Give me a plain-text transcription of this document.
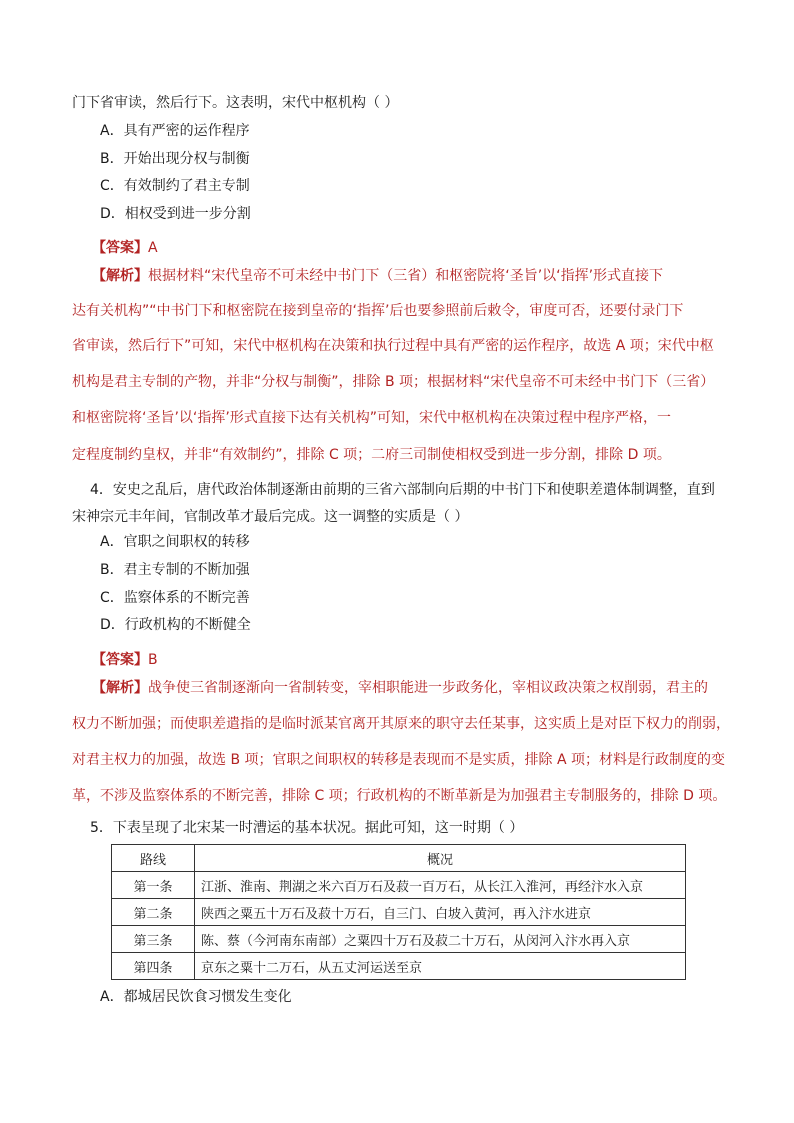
门下省审读，然后行下。这表明，宋代中枢机构（ ）
A．具有严密的运作程序
B．开始出现分权与制衡
C．有效制约了君主专制
D．相权受到进一步分割
【答案】A
【解析】根据材料“宋代皇帝不可未经中书门下（三省）和枢密院将‘圣旨’以‘指挥’形式直接下
达有关机构”“中书门下和枢密院在接到皇帝的‘指挥’后也要参照前后敕令，审度可否，还要付录门下
省审读，然后行下”可知，宋代中枢机构在决策和执行过程中具有严密的运作程序，故选 A 项；宋代中枢
机构是君主专制的产物，并非“分权与制衡”，排除 B 项；根据材料“宋代皇帝不可未经中书门下（三省）
和枢密院将‘圣旨’以‘指挥’形式直接下达有关机构”可知，宋代中枢机构在决策过程中程序严格，一
定程度制约皇权，并非“有效制约”，排除 C 项；二府三司制使相权受到进一步分割，排除 D 项。
4．安史之乱后，唐代政治体制逐渐由前期的三省六部制向后期的中书门下和使职差遣体制调整，直到
宋神宗元丰年间，官制改革才最后完成。这一调整的实质是（ ）
A．官职之间职权的转移
B．君主专制的不断加强
C．监察体系的不断完善
D．行政机构的不断健全
【答案】B
【解析】战争使三省制逐渐向一省制转变，宰相职能进一步政务化，宰相议政决策之权削弱，君主的
权力不断加强；而使职差遣指的是临时派某官离开其原来的职守去任某事，这实质上是对臣下权力的削弱，
对君主权力的加强，故选 B 项；官职之间职权的转移是表现而不是实质，排除 A 项；材料是行政制度的变
革，不涉及监察体系的不断完善，排除 C 项；行政机构的不断革新是为加强君主专制服务的，排除 D 项。
5．下表呈现了北宋某一时漕运的基本状况。据此可知，这一时期（ ）
路线	概况
第一条	江浙、淮南、荆湖之米六百万石及菽一百万石，从长江入淮河，再经汴水入京
第二条	陕西之粟五十万石及菽十万石，自三门、白坡入黄河，再入汴水进京
第三条	陈、蔡（今河南东南部）之粟四十万石及菽二十万石，从闵河入汴水再入京
第四条	京东之粟十二万石，从五丈河运送至京
A．都城居民饮食习惯发生变化
